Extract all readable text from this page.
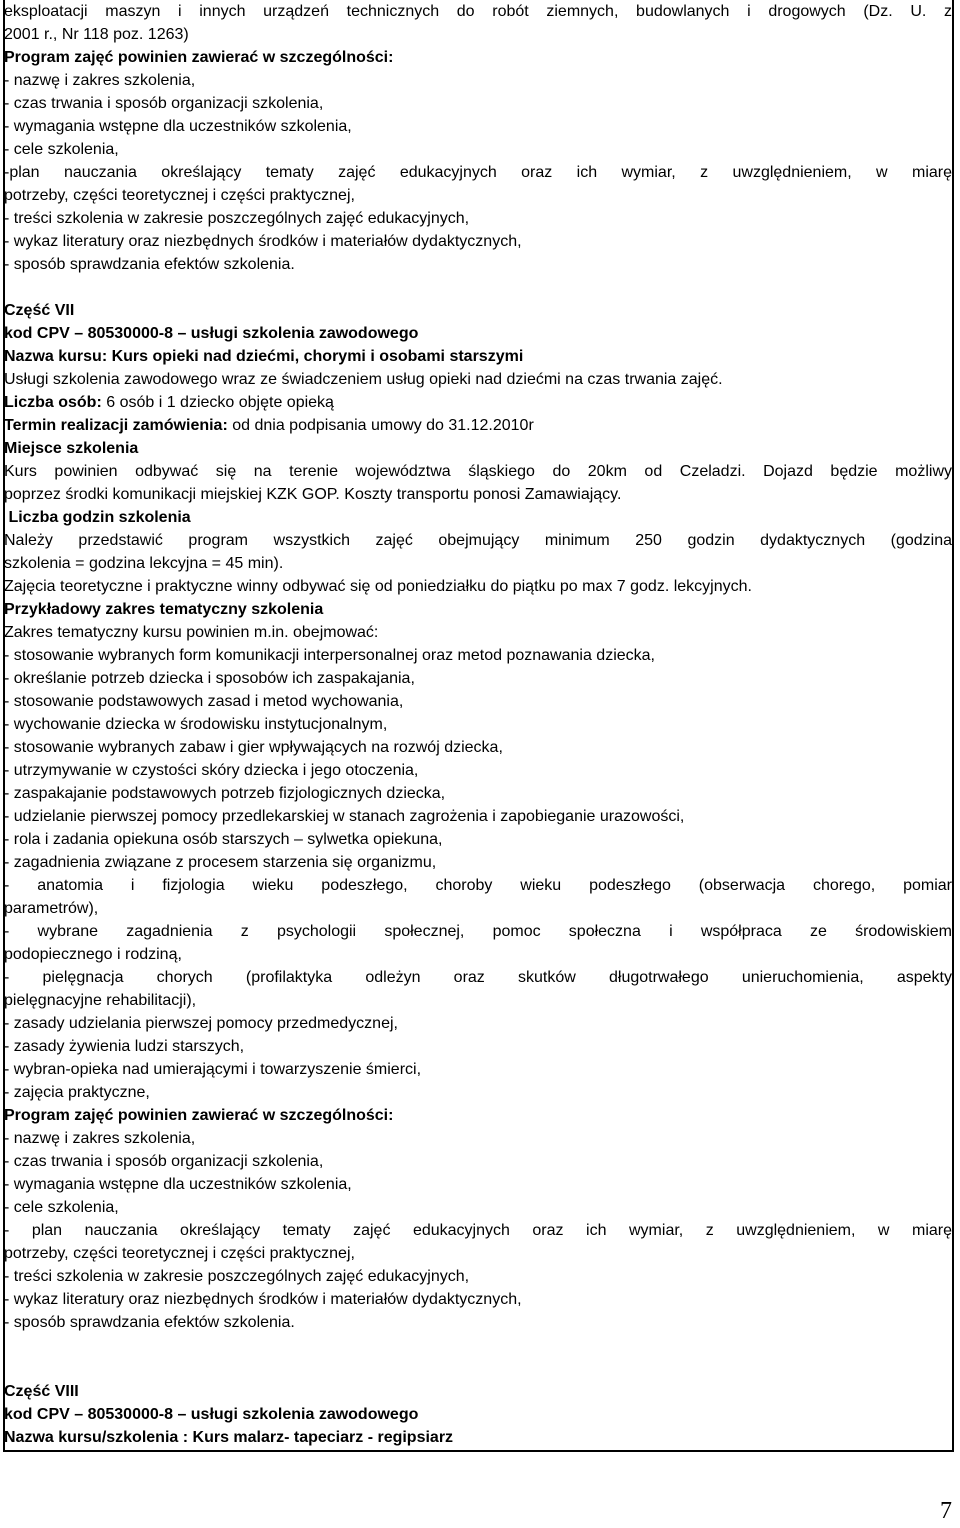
eksploatacji maszyn i innych urządzeń technicznych do robót ziemnych, budowlanych i drogowych (Dz. U. z
2001 r., Nr 118 poz. 1263)
Program zajęć powinien zawierać w szczególności:
- nazwę i zakres szkolenia,
- czas trwania i sposób organizacji szkolenia,
- wymagania wstępne dla uczestników szkolenia,
- cele szkolenia,
-plan nauczania określający tematy zajęć edukacyjnych oraz ich wymiar, z uwzględnieniem, w miarę
potrzeby, części teoretycznej i części praktycznej,
- treści szkolenia w zakresie poszczególnych zajęć edukacyjnych,
- wykaz literatury oraz niezbędnych środków i materiałów dydaktycznych,
- sposób sprawdzania efektów szkolenia.
Część VII
kod CPV – 80530000-8 – usługi szkolenia zawodowego
Nazwa kursu: Kurs opieki nad dziećmi, chorymi i osobami starszymi
Usługi szkolenia zawodowego wraz ze świadczeniem usług opieki nad dziećmi na czas trwania zajęć.
Liczba osób: 6 osób i 1 dziecko objęte opieką
Termin realizacji zamówienia: od dnia podpisania umowy do 31.12.2010r
Miejsce szkolenia
Kurs powinien odbywać się na terenie województwa śląskiego do 20km od Czeladzi. Dojazd będzie możliwy
poprzez środki komunikacji miejskiej KZK GOP. Koszty transportu ponosi Zamawiający.
Liczba godzin szkolenia
Należy przedstawić program wszystkich zajęć obejmujący minimum 250 godzin dydaktycznych (godzina
szkolenia = godzina lekcyjna = 45 min).
Zajęcia teoretyczne i praktyczne winny odbywać się od poniedziałku do piątku po max 7 godz. lekcyjnych.
Przykładowy zakres tematyczny szkolenia
Zakres tematyczny kursu powinien m.in. obejmować:
- stosowanie wybranych form komunikacji interpersonalnej oraz metod poznawania dziecka,
- określanie potrzeb dziecka i sposobów ich zaspakajania,
- stosowanie podstawowych zasad i metod wychowania,
- wychowanie dziecka w środowisku instytucjonalnym,
- stosowanie wybranych zabaw i gier wpływających na rozwój dziecka,
- utrzymywanie w czystości skóry dziecka i jego otoczenia,
- zaspakajanie podstawowych potrzeb fizjologicznych dziecka,
- udzielanie pierwszej pomocy przedlekarskiej w stanach zagrożenia i zapobieganie urazowości,
- rola i zadania opiekuna osób starszych – sylwetka opiekuna,
- zagadnienia związane z procesem starzenia się organizmu,
- anatomia i fizjologia wieku podeszłego, choroby wieku podeszłego (obserwacja chorego, pomiar
parametrów),
- wybrane zagadnienia z psychologii społecznej, pomoc społeczna i współpraca ze środowiskiem
podopiecznego i rodziną,
- pielęgnacja chorych (profilaktyka odleżyn oraz skutków długotrwałego unieruchomienia, aspekty
pielęgnacyjne rehabilitacji),
- zasady udzielania pierwszej pomocy przedmedycznej,
- zasady żywienia ludzi starszych,
- wybran-opieka nad umierającymi i towarzyszenie śmierci,
- zajęcia praktyczne,
Program zajęć powinien zawierać w szczególności:
- nazwę i zakres szkolenia,
- czas trwania i sposób organizacji szkolenia,
- wymagania wstępne dla uczestników szkolenia,
- cele szkolenia,
- plan nauczania określający tematy zajęć edukacyjnych oraz ich wymiar, z uwzględnieniem, w miarę
potrzeby, części teoretycznej i części praktycznej,
- treści szkolenia w zakresie poszczególnych zajęć edukacyjnych,
- wykaz literatury oraz niezbędnych środków i materiałów dydaktycznych,
- sposób sprawdzania efektów szkolenia.
Część VIII
kod CPV – 80530000-8 – usługi szkolenia zawodowego
Nazwa kursu/szkolenia : Kurs malarz- tapeciarz - regipsiarz
7
